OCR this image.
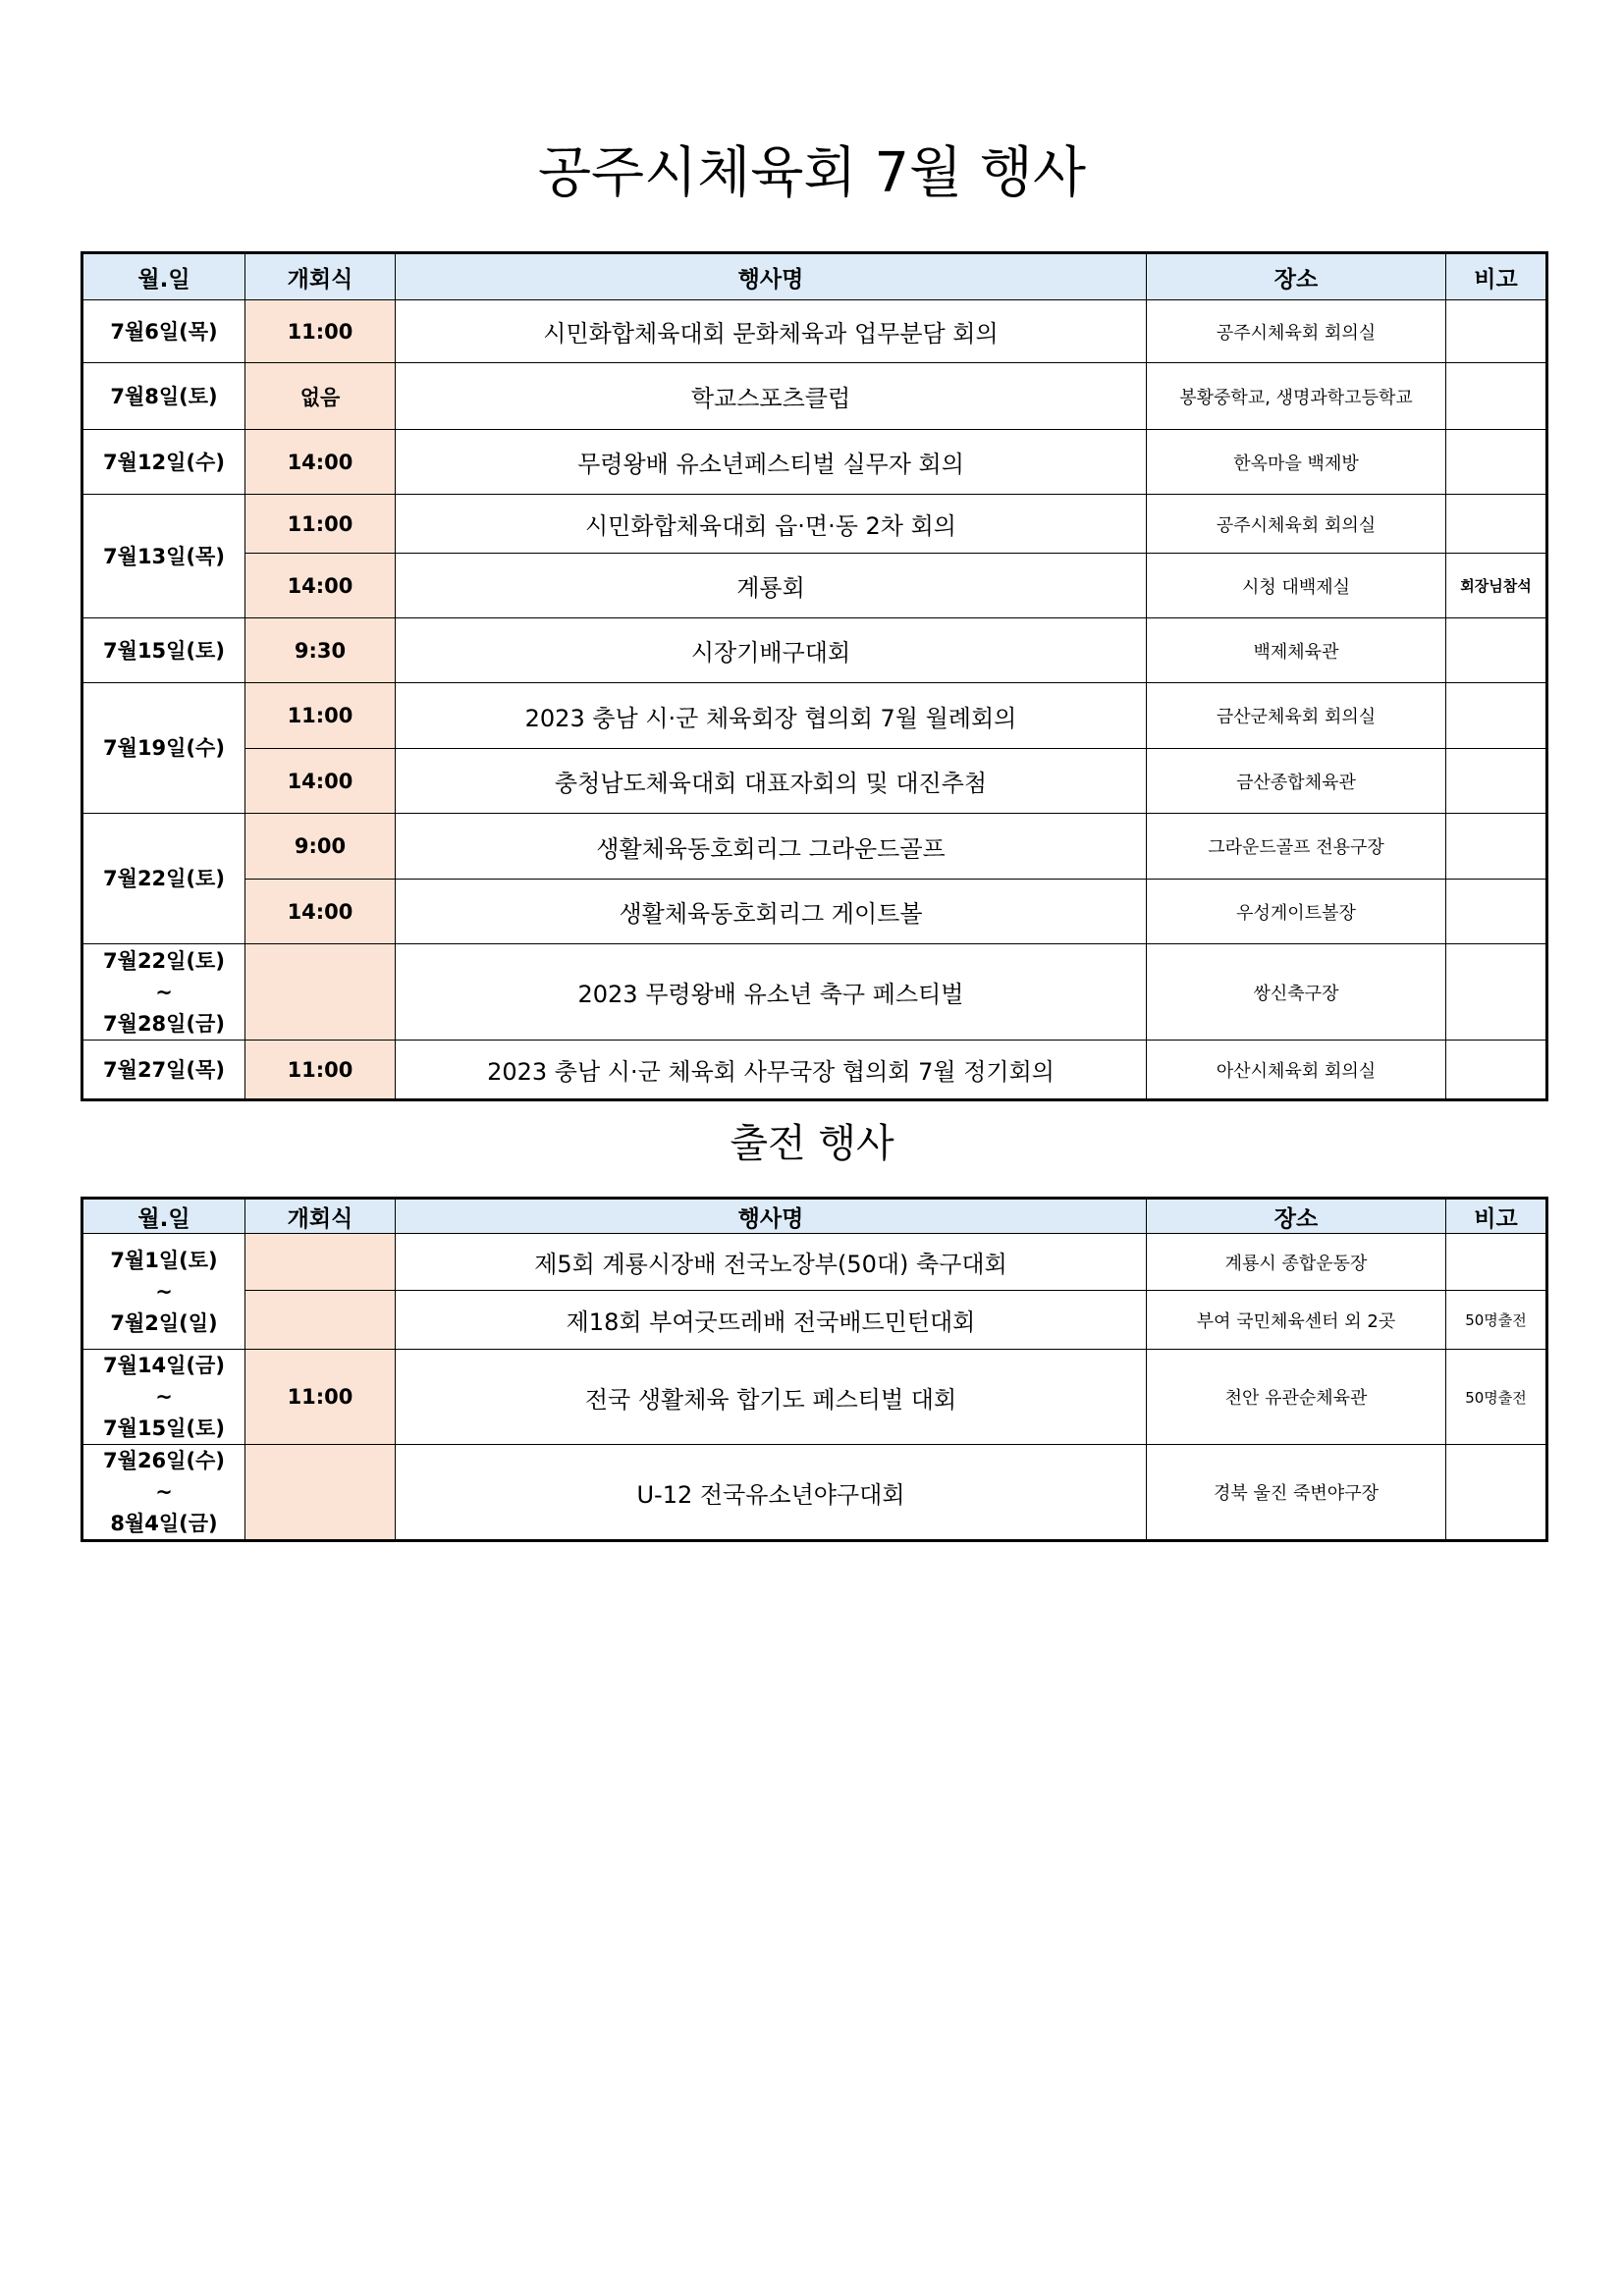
공주시체육회 7월 행사
월.일	개회식	행사명	장소	비고
7월6일(목)	11:00	시민화합체육대회 문화체육과 업무분담 회의	공주시체육회 회의실	
7월8일(토)	없음	학교스포츠클럽	봉황중학교, 생명과학고등학교	
7월12일(수)	14:00	무령왕배 유소년페스티벌 실무자 회의	한옥마을 백제방	
7월13일(목)	11:00	시민화합체육대회 읍·면·동 2차 회의	공주시체육회 회의실	
	14:00	계룡회	시청 대백제실	회장님참석
7월15일(토)	9:30	시장기배구대회	백제체육관	
7월19일(수)	11:00	2023 충남 시·군 체육회장 협의회 7월 월례회의	금산군체육회 회의실	
	14:00	충청남도체육대회 대표자회의 및 대진추첨	금산종합체육관	
7월22일(토)	9:00	생활체육동호회리그 그라운드골프	그라운드골프 전용구장	
	14:00	생활체육동호회리그 게이트볼	우성게이트볼장	

7월22일(토)
~
7월28일(금)		2023 무령왕배 유소년 축구 페스티벌	쌍신축구장	
7월27일(목)	11:00	2023 충남 시·군 체육회 사무국장 협의회 7월 정기회의	아산시체육회 회의실	
출전 행사
월.일	개회식	행사명	장소	비고

7월1일(토)
~
7월2일(일)		제5회 계룡시장배 전국노장부(50대) 축구대회	계룡시 종합운동장	
		제18회 부여굿뜨레배 전국배드민턴대회	부여 국민체육센터 외 2곳	50명출전

7월14일(금)
~
7월15일(토)	11:00	전국 생활체육 합기도 페스티벌 대회	천안 유관순체육관	50명출전

7월26일(수)
~
8월4일(금)		U-12 전국유소년야구대회	경북 울진 죽변야구장	
